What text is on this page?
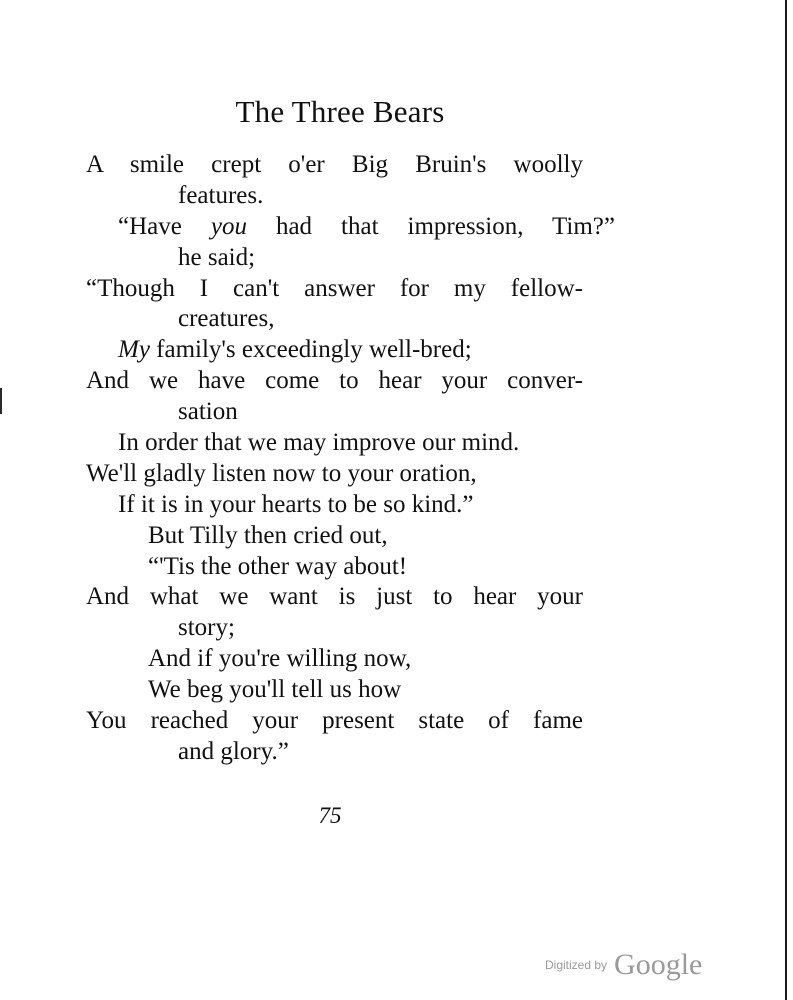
The Three Bears
A smile crept o'er Big Bruin's woolly
features.
“Have you had that impression, Tim?”
he said;
“Though I can't answer for my fellow-
creatures,
My family's exceedingly well-bred;
And we have come to hear your conver-
sation
In order that we may improve our mind.
We'll gladly listen now to your oration,
If it is in your hearts to be so kind.”
But Tilly then cried out,
“'Tis the other way about!
And what we want is just to hear your
story;
And if you're willing now,
We beg you'll tell us how
You reached your present state of fame
and glory.”
75
Digitized by Google
